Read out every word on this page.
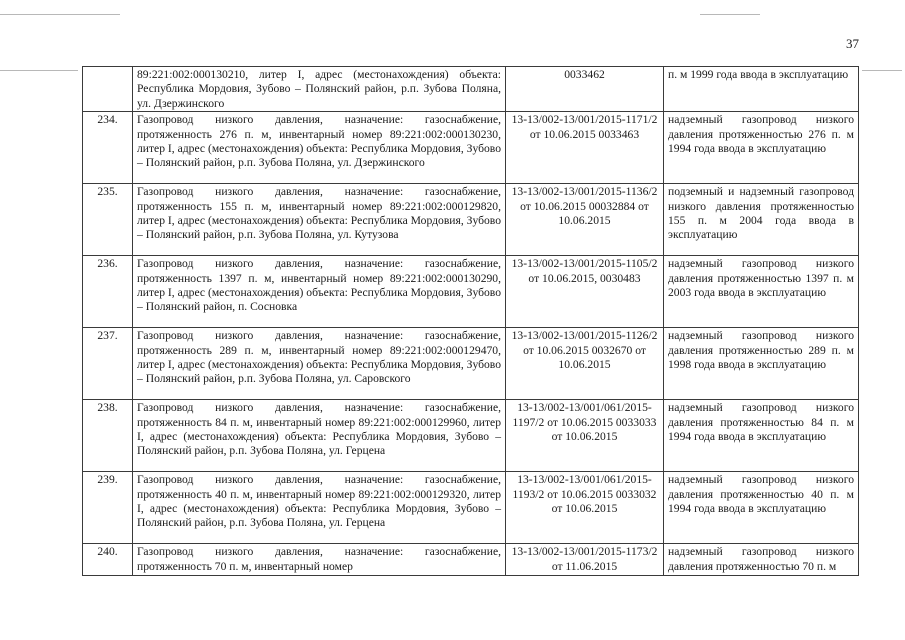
37
	89:221:002:000130210, литер I, адрес (местонахождения) объекта: Республика Мордовия, Зубово – Полянский район, р.п. Зубова Поляна, ул. Дзержинского	0033462	п. м 1999 года ввода в эксплуатацию
234.	Газопровод низкого давления, назначение: газоснабжение, протяженность 276 п. м, инвентарный номер 89:221:002:000130230, литер I, адрес (местонахождения) объекта: Республика Мордовия, Зубово – Полянский район, р.п. Зубова Поляна, ул. Дзержинского	13-13/002-13/001/2015-1171/2 от 10.06.2015 0033463	надземный газопровод низкого давления протяженностью 276 п. м 1994 года ввода в эксплуатацию
235.	Газопровод низкого давления, назначение: газоснабжение, протяженность 155 п. м, инвентарный номер 89:221:002:000129820, литер I, адрес (местонахождения) объекта: Республика Мордовия, Зубово – Полянский район, р.п. Зубова Поляна, ул. Кутузова	13-13/002-13/001/2015-1136/2 от 10.06.2015 00032884 от 10.06.2015	подземный и надземный газопровод низкого давления протяженностью 155 п. м 2004 года ввода в эксплуатацию
236.	Газопровод низкого давления, назначение: газоснабжение, протяженность 1397 п. м, инвентарный номер 89:221:002:000130290, литер I, адрес (местонахождения) объекта: Республика Мордовия, Зубово – Полянский район, п. Сосновка	13-13/002-13/001/2015-1105/2 от 10.06.2015, 0030483	надземный газопровод низкого давления протяженностью 1397 п. м 2003 года ввода в эксплуатацию
237.	Газопровод низкого давления, назначение: газоснабжение, протяженность 289 п. м, инвентарный номер 89:221:002:000129470, литер I, адрес (местонахождения) объекта: Республика Мордовия, Зубово – Полянский район, р.п. Зубова Поляна, ул. Саровского	13-13/002-13/001/2015-1126/2 от 10.06.2015 0032670 от 10.06.2015	надземный газопровод низкого давления протяженностью 289 п. м 1998 года ввода в эксплуатацию
238.	Газопровод низкого давления, назначение: газоснабжение, протяженность 84 п. м, инвентарный номер 89:221:002:000129960, литер I, адрес (местонахождения) объекта: Республика Мордовия, Зубово – Полянский район, р.п. Зубова Поляна, ул. Герцена	13-13/002-13/001/061/2015-1197/2 от 10.06.2015 0033033 от 10.06.2015	надземный газопровод низкого давления протяженностью 84 п. м 1994 года ввода в эксплуатацию
239.	Газопровод низкого давления, назначение: газоснабжение, протяженность 40 п. м, инвентарный номер 89:221:002:000129320, литер I, адрес (местонахождения) объекта: Республика Мордовия, Зубово – Полянский район, р.п. Зубова Поляна, ул. Герцена	13-13/002-13/001/061/2015-1193/2 от 10.06.2015 0033032 от 10.06.2015	надземный газопровод низкого давления протяженностью 40 п. м 1994 года ввода в эксплуатацию
240.	Газопровод низкого давления, назначение: газоснабжение, протяженность 70 п. м, инвентарный номер	13-13/002-13/001/2015-1173/2 от 11.06.2015	надземный газопровод низкого давления протяженностью 70 п. м
